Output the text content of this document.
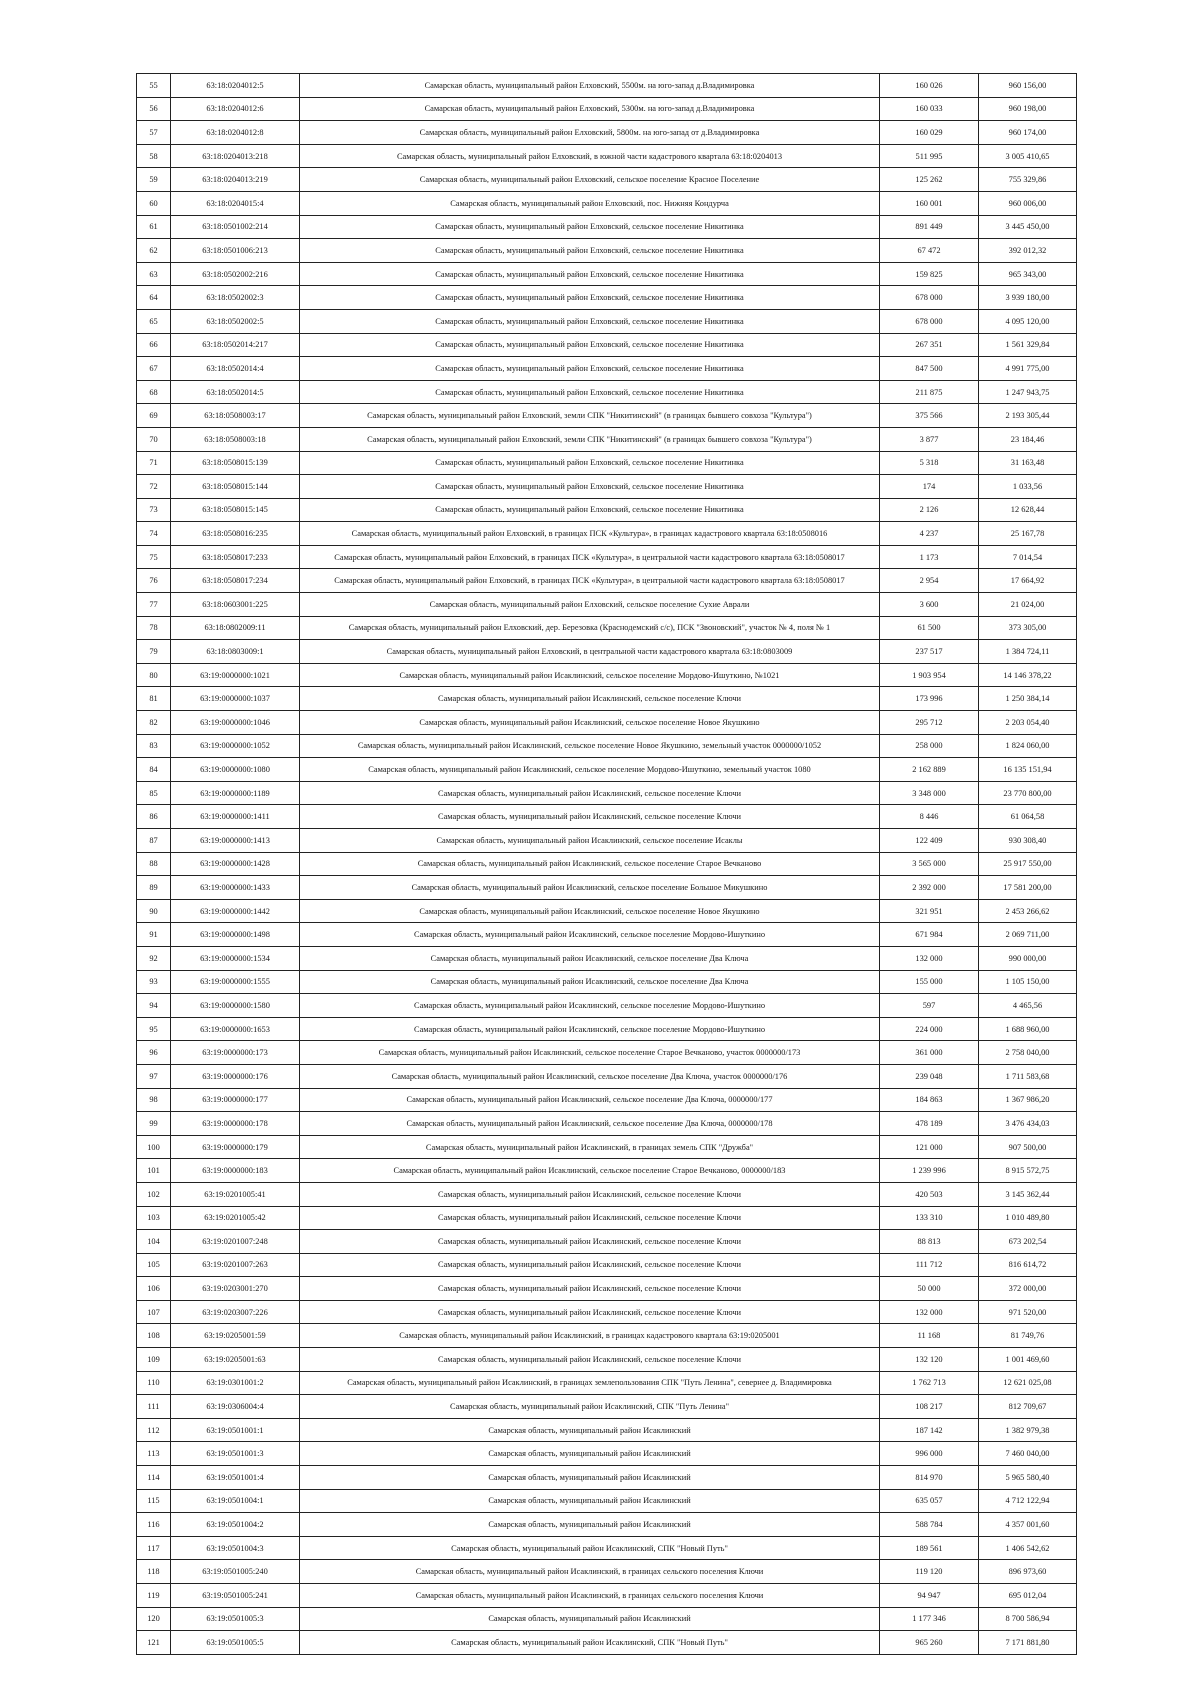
55	63:18:0204012:5	Самарская область, муниципальный район Елховский, 5500м. на юго-запад д.Владимировка	160 026	960 156,00
56	63:18:0204012:6	Самарская область, муниципальный район Елховский, 5300м. на юго-запад д.Владимировка	160 033	960 198,00
57	63:18:0204012:8	Самарская область, муниципальный район Елховский, 5800м. на юго-запад от д.Владимировка	160 029	960 174,00
58	63:18:0204013:218	Самарская область, муниципальный район Елховский, в южной части кадастрового квартала 63:18:0204013	511 995	3 005 410,65
59	63:18:0204013:219	Самарская область, муниципальный район Елховский, сельское поселение Красное Поселение	125 262	755 329,86
60	63:18:0204015:4	Самарская область, муниципальный район Елховский, пос. Нижняя Кондурча	160 001	960 006,00
61	63:18:0501002:214	Самарская область, муниципальный район Елховский, сельское поселение Никитинка	891 449	3 445 450,00
62	63:18:0501006:213	Самарская область, муниципальный район Елховский, сельское поселение Никитинка	67 472	392 012,32
63	63:18:0502002:216	Самарская область, муниципальный район Елховский, сельское поселение Никитинка	159 825	965 343,00
64	63:18:0502002:3	Самарская область, муниципальный район Елховский, сельское поселение Никитинка	678 000	3 939 180,00
65	63:18:0502002:5	Самарская область, муниципальный район Елховский, сельское поселение Никитинка	678 000	4 095 120,00
66	63:18:0502014:217	Самарская область, муниципальный район Елховский, сельское поселение Никитинка	267 351	1 561 329,84
67	63:18:0502014:4	Самарская область, муниципальный район Елховский, сельское поселение Никитинка	847 500	4 991 775,00
68	63:18:0502014:5	Самарская область, муниципальный район Елховский, сельское поселение Никитинка	211 875	1 247 943,75
69	63:18:0508003:17	Самарская область, муниципальный район Елховский, земли СПК "Никитинский" (в границах бывшего совхоза "Культура")	375 566	2 193 305,44
70	63:18:0508003:18	Самарская область, муниципальный район Елховский, земли СПК "Никитинский" (в границах бывшего совхоза "Культура")	3 877	23 184,46
71	63:18:0508015:139	Самарская область, муниципальный район Елховский, сельское поселение Никитинка	5 318	31 163,48
72	63:18:0508015:144	Самарская область, муниципальный район Елховский, сельское поселение Никитинка	174	1 033,56
73	63:18:0508015:145	Самарская область, муниципальный район Елховский, сельское поселение Никитинка	2 126	12 628,44
74	63:18:0508016:235	Самарская область, муниципальный район Елховский, в границах ПСК «Культура», в границах кадастрового квартала 63:18:0508016	4 237	25 167,78
75	63:18:0508017:233	Самарская область, муниципальный район Елховский, в границах ПСК «Культура», в центральной части кадастрового квартала 63:18:0508017	1 173	7 014,54
76	63:18:0508017:234	Самарская область, муниципальный район Елховский, в границах ПСК «Культура», в центральной части кадастрового квартала 63:18:0508017	2 954	17 664,92
77	63:18:0603001:225	Самарская область, муниципальный район Елховский, сельское поселение Сухие Аврали	3 600	21 024,00
78	63:18:0802009:11	Самарская область, муниципальный район Елховский, дер. Березовка (Краснодемский с/с), ПСК "Звоновский", участок № 4, поля № 1	61 500	373 305,00
79	63:18:0803009:1	Самарская область, муниципальный район Елховский, в центральной части кадастрового квартала 63:18:0803009	237 517	1 384 724,11
80	63:19:0000000:1021	Самарская область, муниципальный район Исаклинский, сельское поселение Мордово-Ишуткино, №1021	1 903 954	14 146 378,22
81	63:19:0000000:1037	Самарская область, муниципальный район Исаклинский, сельское поселение Ключи	173 996	1 250 384,14
82	63:19:0000000:1046	Самарская область, муниципальный район Исаклинский, сельское поселение Новое Якушкино	295 712	2 203 054,40
83	63:19:0000000:1052	Самарская область, муниципальный район Исаклинский, сельское поселение Новое Якушкино, земельный участок 0000000/1052	258 000	1 824 060,00
84	63:19:0000000:1080	Самарская область, муниципальный район Исаклинский, сельское поселение Мордово-Ишуткино, земельный участок 1080	2 162 889	16 135 151,94
85	63:19:0000000:1189	Самарская область, муниципальный район Исаклинский, сельское поселение Ключи	3 348 000	23 770 800,00
86	63:19:0000000:1411	Самарская область, муниципальный район Исаклинский, сельское поселение Ключи	8 446	61 064,58
87	63:19:0000000:1413	Самарская область, муниципальный район Исаклинский, сельское поселение Исаклы	122 409	930 308,40
88	63:19:0000000:1428	Самарская область, муниципальный район Исаклинский, сельское поселение Старое Вечканово	3 565 000	25 917 550,00
89	63:19:0000000:1433	Самарская область, муниципальный район Исаклинский, сельское поселение Большое Микушкино	2 392 000	17 581 200,00
90	63:19:0000000:1442	Самарская область, муниципальный район Исаклинский, сельское поселение Новое Якушкино	321 951	2 453 266,62
91	63:19:0000000:1498	Самарская область, муниципальный район Исаклинский, сельское поселение Мордово-Ишуткино	671 984	2 069 711,00
92	63:19:0000000:1534	Самарская область, муниципальный район Исаклинский, сельское поселение Два Ключа	132 000	990 000,00
93	63:19:0000000:1555	Самарская область, муниципальный район Исаклинский, сельское поселение Два Ключа	155 000	1 105 150,00
94	63:19:0000000:1580	Самарская область, муниципальный район Исаклинский, сельское поселение Мордово-Ишуткино	597	4 465,56
95	63:19:0000000:1653	Самарская область, муниципальный район Исаклинский, сельское поселение Мордово-Ишуткино	224 000	1 688 960,00
96	63:19:0000000:173	Самарская область, муниципальный район Исаклинский, сельское поселение Старое Вечканово, участок 0000000/173	361 000	2 758 040,00
97	63:19:0000000:176	Самарская область, муниципальный район Исаклинский, сельское поселение Два Ключа, участок 0000000/176	239 048	1 711 583,68
98	63:19:0000000:177	Самарская область, муниципальный район Исаклинский, сельское поселение Два Ключа, 0000000/177	184 863	1 367 986,20
99	63:19:0000000:178	Самарская область, муниципальный район Исаклинский, сельское поселение Два Ключа, 0000000/178	478 189	3 476 434,03
100	63:19:0000000:179	Самарская область, муниципальный район Исаклинский, в границах земель СПК "Дружба"	121 000	907 500,00
101	63:19:0000000:183	Самарская область, муниципальный район Исаклинский, сельское поселение Старое Вечканово, 0000000/183	1 239 996	8 915 572,75
102	63:19:0201005:41	Самарская область, муниципальный район Исаклинский, сельское поселение Ключи	420 503	3 145 362,44
103	63:19:0201005:42	Самарская область, муниципальный район Исаклинский, сельское поселение Ключи	133 310	1 010 489,80
104	63:19:0201007:248	Самарская область, муниципальный район Исаклинский, сельское поселение Ключи	88 813	673 202,54
105	63:19:0201007:263	Самарская область, муниципальный район Исаклинский, сельское поселение Ключи	111 712	816 614,72
106	63:19:0203001:270	Самарская область, муниципальный район Исаклинский, сельское поселение Ключи	50 000	372 000,00
107	63:19:0203007:226	Самарская область, муниципальный район Исаклинский, сельское поселение Ключи	132 000	971 520,00
108	63:19:0205001:59	Самарская область, муниципальный район Исаклинский, в границах кадастрового квартала 63:19:0205001	11 168	81 749,76
109	63:19:0205001:63	Самарская область, муниципальный район Исаклинский, сельское поселение Ключи	132 120	1 001 469,60
110	63:19:0301001:2	Самарская область, муниципальный район Исаклинский, в границах землепользования СПК "Путь Ленина", севернее д. Владимировка	1 762 713	12 621 025,08
111	63:19:0306004:4	Самарская область, муниципальный район Исаклинский, СПК "Путь Ленина"	108 217	812 709,67
112	63:19:0501001:1	Самарская область, муниципальный район Исаклинский	187 142	1 382 979,38
113	63:19:0501001:3	Самарская область, муниципальный район Исаклинский	996 000	7 460 040,00
114	63:19:0501001:4	Самарская область, муниципальный район Исаклинский	814 970	5 965 580,40
115	63:19:0501004:1	Самарская область, муниципальный район Исаклинский	635 057	4 712 122,94
116	63:19:0501004:2	Самарская область, муниципальный район Исаклинский	588 784	4 357 001,60
117	63:19:0501004:3	Самарская область, муниципальный район Исаклинский, СПК "Новый Путь"	189 561	1 406 542,62
118	63:19:0501005:240	Самарская область, муниципальный район Исаклинский, в границах сельского поселения Ключи	119 120	896 973,60
119	63:19:0501005:241	Самарская область, муниципальный район Исаклинский, в границах сельского поселения Ключи	94 947	695 012,04
120	63:19:0501005:3	Самарская область, муниципальный район Исаклинский	1 177 346	8 700 586,94
121	63:19:0501005:5	Самарская область, муниципальный район Исаклинский, СПК "Новый Путь"	965 260	7 171 881,80
